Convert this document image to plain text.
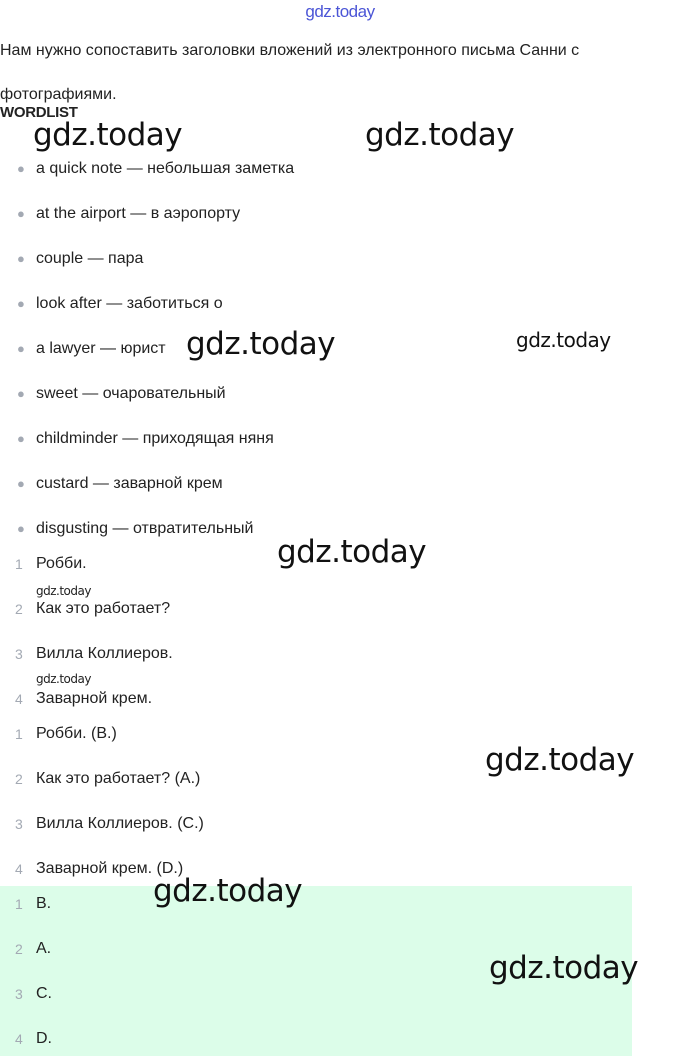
gdz.today
Нам нужно сопоставить заголовки вложений из электронного письма Санни с фотографиями.
WORDLIST
● a quick note — небольшая заметка
● at the airport — в аэропорту
● couple — пара
● look after — заботиться о
● a lawyer — юрист
● sweet — очаровательный
● childminder — приходящая няня
● custard — заварной крем
● disgusting — отвратительный
1 Робби.
2 Как это работает?
3 Вилла Коллиеров.
4 Заварной крем.
1 Робби. (B.)
2 Как это работает? (A.)
3 Вилла Коллиеров. (C.)
4 Заварной крем. (D.)
1 B.
2 A.
3 C.
4 D.
gdz.today	gdz.today
gdz.today	gdz.today
gdz.today
gdz.today
gdz.today
gdz.today
gdz.today
gdz.today
